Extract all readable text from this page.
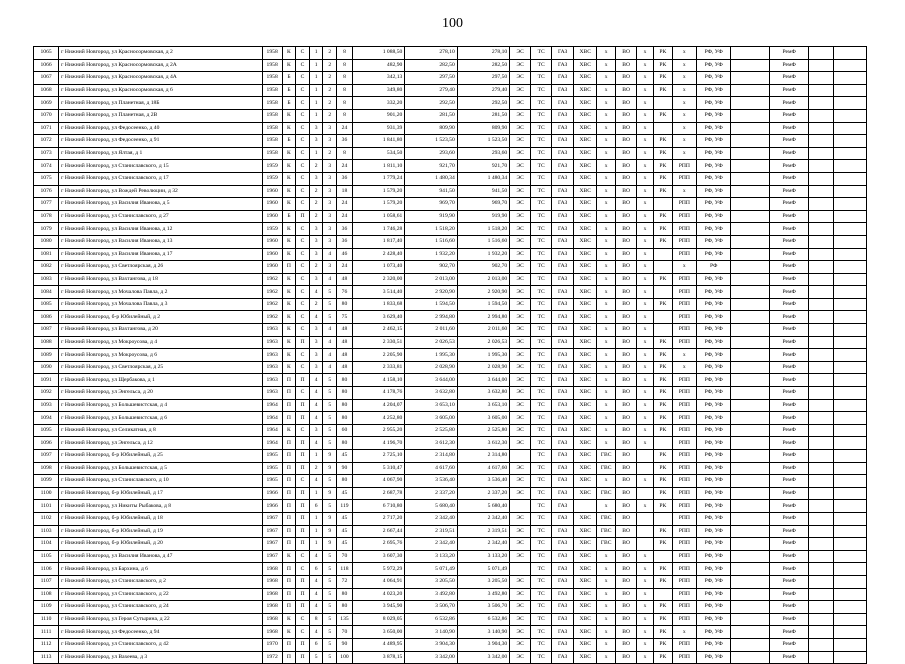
100
1065	г Нижний Новгород, ул Красносормовская, д 2	1958	К	С	1	2	8	1 088,50	278,10	278,10	ЭС	ТС	ГАЗ	ХВС	х	ВО	х	РК	х	РФ, УФ		РемФ		
1066	г Нижний Новгород, ул Красносормовская, д 2А	1958	К	С	1	2	8	482,90	282,50	282,50	ЭС	ТС	ГАЗ	ХВС	х	ВО	х	РК	х	РФ, УФ		РемФ		
1067	г Нижний Новгород, ул Красносормовская, д 4А	1958	Б	С	1	2	8	342,13	297,50	297,50	ЭС	ТС	ГАЗ	ХВС	х	ВО	х	РК	х	РФ, УФ		РемФ		
1068	г Нижний Новгород, ул Красносормовская, д 6	1958	Б	С	1	2	8	349,80	279,40	279,40	ЭС	ТС	ГАЗ	ХВС	х	ВО	х	РК	х	РФ, УФ		РемФ		
1069	г Нижний Новгород, ул Планетная, д 18Б	1958	Б	С	1	2	8	332,20	292,50	292,50	ЭС	ТС	ГАЗ	ХВС	х	ВО	х		х	РФ, УФ		РемФ		
1070	г Нижний Новгород, ул Планетная, д 2В	1958	К	С	1	2	8	901,20	281,50	281,50	ЭС	ТС	ГАЗ	ХВС	х	ВО	х	РК	х	РФ, УФ		РемФ		
1071	г Нижний Новгород, ул Федосеенко, д 40	1958	К	С	3	3	24	931,39	809,90	809,90	ЭС	ТС	ГАЗ	ХВС	х	ВО	х		х	РФ, УФ		РемФ		
1072	г Нижний Новгород, ул Федосеенко, д 91	1958	Б	С	3	3	36	1 841,80	1 523,50	1 523,50	ЭС	ТС	ГАЗ	ХВС	х	ВО	х	РК	х	РФ, УФ		РемФ		
1073	г Нижний Новгород, ул Ялтая, д 1	1958	К	С	1	2	8	534,50	293,60	293,60	ЭС	ТС	ГАЗ	ХВС	х	ВО	х	РК	х	РФ, УФ		РемФ		
1074	г Нижний Новгород, ул Станиславского, д 15	1959	К	С	2	3	24	1 811,10	921,70	921,70	ЭС	ТС	ГАЗ	ХВС	х	ВО	х	РК	РПП	РФ, УФ		РемФ		
1075	г Нижний Новгород, ул Станиславского, д 17	1959	К	С	3	3	36	1 779,24	1 480,34	1 480,34	ЭС	ТС	ГАЗ	ХВС	х	ВО	х	РК	РПП	РФ, УФ		РемФ		
1076	г Нижний Новгород, ул Вождей Революции, д 32	1960	К	С	2	3	18	1 579,20	941,50	941,50	ЭС	ТС	ГАЗ	ХВС	х	ВО	х	РК	х	РФ, УФ		РемФ		
1077	г Нижний Новгород, ул Василия Иванова, д 5	1960	К	С	2	3	24	1 579,20	969,70	969,70	ЭС	ТС	ГАЗ	ХВС	х	ВО	х		РПП	РФ, УФ		РемФ		
1078	г Нижний Новгород, ул Станиславского, д 27	1960	Б	П	2	3	24	1 058,61	919,90	919,90	ЭС	ТС	ГАЗ	ХВС	х	ВО	х	РК	РПП	РФ, УФ		РемФ		
1079	г Нижний Новгород, ул Василия Иванова, д 12	1959	К	С	3	3	36	1 746,28	1 518,20	1 518,20	ЭС	ТС	ГАЗ	ХВС	х	ВО	х	РК	РПП	РФ, УФ		РемФ		
1080	г Нижний Новгород, ул Василия Иванова, д 13	1960	К	С	3	3	36	1 817,40	1 516,60	1 516,60	ЭС	ТС	ГАЗ	ХВС	х	ВО	х	РК	РПП	РФ, УФ		РемФ		
1081	г Нижний Новгород, ул Василия Иванова, д 17	1960	К	С	3	4	46	2 428,40	1 932,20	1 932,20	ЭС	ТС	ГАЗ	ХВС	х	ВО	х		РПП	РФ, УФ		РемФ		
1082	г Нижний Новгород, ул Светлоярская, д 26	1960	П	С	2	3	24	1 073,40	902,70	902,70	ЭС	ТС	ГАЗ	ХВС	х	ВО	х		х	РФ		РемФ		
1083	г Нижний Новгород, ул Вахтангова, д 18	1962	К	С	3	4	48	2 320,00	2 013,00	2 013,00	ЭС	ТС	ГАЗ	ХВС	х	ВО	х	РК	РПП	РФ, УФ		РемФ		
1084	г Нижний Новгород, ул Мочалова Павла, д 2	1962	К	С	4	5	76	3 514,40	2 920,90	2 920,90	ЭС	ТС	ГАЗ	ХВС	х	ВО	х		РПП	РФ, УФ		РемФ		
1085	г Нижний Новгород, ул Мочалова Павла, д 3	1962	К	С	2	5	80	1 833,68	1 594,50	1 594,50	ЭС	ТС	ГАЗ	ХВС	х	ВО	х	РК	РПП	РФ, УФ		РемФ		
1086	г Нижний Новгород, б-р Юбилейный, д 2	1962	К	С	4	5	75	3 629,40	2 994,80	2 994,80	ЭС	ТС	ГАЗ	ХВС	х	ВО	х		РПП	РФ, УФ		РемФ		
1087	г Нижний Новгород, ул Вахтангова, д 20	1963	К	С	3	4	48	2 462,15	2 011,60	2 011,60	ЭС	ТС	ГАЗ	ХВС	х	ВО	х		РПП	РФ, УФ		РемФ		
1088	г Нижний Новгород, ул Мокроусова, д 4	1963	К	П	3	4	48	2 330,51	2 026,53	2 026,53	ЭС	ТС	ГАЗ	ХВС	х	ВО	х	РК	РПП	РФ, УФ		РемФ		
1089	г Нижний Новгород, ул Мокроусова, д 6	1963	К	С	3	4	48	2 205,90	1 995,30	1 995,30	ЭС	ТС	ГАЗ	ХВС	х	ВО	х	РК	х	РФ, УФ		РемФ		
1090	г Нижний Новгород, ул Светлоярская, д 25	1963	К	С	3	4	48	2 333,81	2 028,90	2 028,90	ЭС	ТС	ГАЗ	ХВС	х	ВО	х	РК	х	РФ, УФ		РемФ		
1091	г Нижний Новгород, ул Щербакова, д 1	1963	П	П	4	5	80	4 158,10	3 644,00	3 644,00	ЭС	ТС	ГАЗ	ХВС	х	ВО	х	РК	РПП	РФ, УФ		РемФ		
1092	г Нижний Новгород, ул Энгельса, д 20	1963	П	С	4	5	80	4 178,76	3 632,80	3 632,80	ЭС	ТС	ГАЗ	ХВС	х	ВО	х	РК	РПП	РФ, УФ		РемФ		
1093	г Нижний Новгород, ул Большевистская, д 4	1964	П	П	4	5	80	4 204,07	3 653,10	3 653,10	ЭС	ТС	ГАЗ	ХВС	х	ВО	х	РК	РПП	РФ, УФ		РемФ		
1094	г Нижний Новгород, ул Большевистская, д 6	1964	П	П	4	5	80	4 252,80	3 605,00	3 605,00	ЭС	ТС	ГАЗ	ХВС	х	ВО	х	РК	РПП	РФ, УФ		РемФ		
1095	г Нижний Новгород, ул Селикатная, д 8	1964	К	С	3	5	60	2 955,20	2 525,80	2 525,80	ЭС	ТС	ГАЗ	ХВС	х	ВО	х	РК	РПП	РФ, УФ		РемФ		
1096	г Нижний Новгород, ул Энгельса, д 12	1964	П	П	4	5	80	4 196,70	3 612,30	3 612,30	ЭС	ТС	ГАЗ	ХВС	х	ВО	х		РПП	РФ, УФ		РемФ		
1097	г Нижний Новгород, б-р Юбилейный, д 25	1965	П	П	1	9	45	2 725,10	2 314,80	2 314,80		ТС	ГАЗ	ХВС	ГВС	ВО		РК	РПП	РФ, УФ		РемФ		
1098	г Нижний Новгород, ул Большевистская, д 5	1965	П	П	2	9	90	5 310,47	4 617,60	4 617,60	ЭС	ТС	ГАЗ	ХВС	ГВС	ВО		РК	РПП	РФ, УФ		РемФ		
1099	г Нижний Новгород, ул Станиславского, д 10	1965	П	С	4	5	80	4 067,90	3 536,40	3 536,40	ЭС	ТС	ГАЗ	ХВС	х	ВО	х	РК	РПП	РФ, УФ		РемФ		
1100	г Нижний Новгород, б-р Юбилейный, д 17	1966	П	П	1	9	45	2 687,78	2 337,20	2 337,20	ЭС	ТС	ГАЗ	ХВС	ГВС	ВО		РК	РПП	РФ, УФ		РемФ		
1101	г Нижний Новгород, ул Никиты Рыбакова, д 8	1966	П	П	6	5	119	6 710,80	5 680,40	5 680,40		ТС	ГАЗ		х	ВО	х	РК	РПП	РФ, УФ		РемФ		
1102	г Нижний Новгород, б-р Юбилейный, д 18	1967	П	П	1	9	45	2 717,20	2 342,40	2 342,40	ЭС	ТС	ГАЗ	ХВС	ГВС	ВО			РПП	РФ, УФ		РемФ		
1103	г Нижний Новгород, б-р Юбилейный, д 19	1967	П	П	1	9	45	2 667,44	2 319,51	2 319,51	ЭС	ТС	ГАЗ	ХВС	ГВС	ВО		РК	РПП	РФ, УФ		РемФ		
1104	г Нижний Новгород, б-р Юбилейный, д 20	1967	П	П	1	9	45	2 695,76	2 342,40	2 342,40	ЭС	ТС	ГАЗ	ХВС	ГВС	ВО		РК	РПП	РФ, УФ		РемФ		
1105	г Нижний Новгород, ул Василия Иванова, д 47	1967	К	С	4	5	70	3 607,30	3 133,20	3 133,20	ЭС	ТС	ГАЗ	ХВС	х	ВО	х		РПП	РФ, УФ		РемФ		
1106	г Нижний Новгород, ул Бархина, д 6	1968	П	С	6	5	118	5 972,29	5 071,49	5 071,49		ТС	ГАЗ	ХВС	х	ВО	х	РК	РПП	РФ, УФ		РемФ		
1107	г Нижний Новгород, ул Станиславского, д 2	1968	П	П	4	5	72	4 064,91	3 205,50	3 205,50	ЭС	ТС	ГАЗ	ХВС	х	ВО	х	РК	РПП	РФ, УФ		РемФ		
1108	г Нижний Новгород, ул Станиславского, д 22	1968	П	П	4	5	80	4 023,20	3 492,80	3 492,80	ЭС	ТС	ГАЗ	ХВС	х	ВО	х		РПП	РФ, УФ		РемФ		
1109	г Нижний Новгород, ул Станиславского, д 24	1968	П	П	4	5	80	3 945,90	3 506,70	3 506,70	ЭС	ТС	ГАЗ	ХВС	х	ВО	х	РК	РПП	РФ, УФ		РемФ		
1110	г Нижний Новгород, ул Героя Сутырина, д 22	1968	К	С	8	5	135	8 029,05	6 532,86	6 532,86	ЭС	ТС	ГАЗ	ХВС	х	ВО	х	РК	РПП	РФ, УФ		РемФ		
1111	г Нижний Новгород, ул Федосеенко, д 94	1968	К	С	4	5	70	3 650,00	3 140,90	3 140,90	ЭС	ТС	ГАЗ	ХВС	х	ВО	х	РК	х	РФ, УФ		РемФ		
1112	г Нижний Новгород, ул Станиславского, д 42	1970	П	П	6	5	90	4 489,95	3 904,30	3 904,30	ЭС	ТС	ГАЗ	ХВС	х	ВО	х	РК	РПП	РФ, УФ		РемФ		
1113	г Нижний Новгород, ул Вахеева, д 3	1972	П	П	5	5	100	3 878,15	3 342,00	3 342,00	ЭС	ТС	ГАЗ	ХВС	х	ВО	х	РК	РПП	РФ, УФ		РемФ		
